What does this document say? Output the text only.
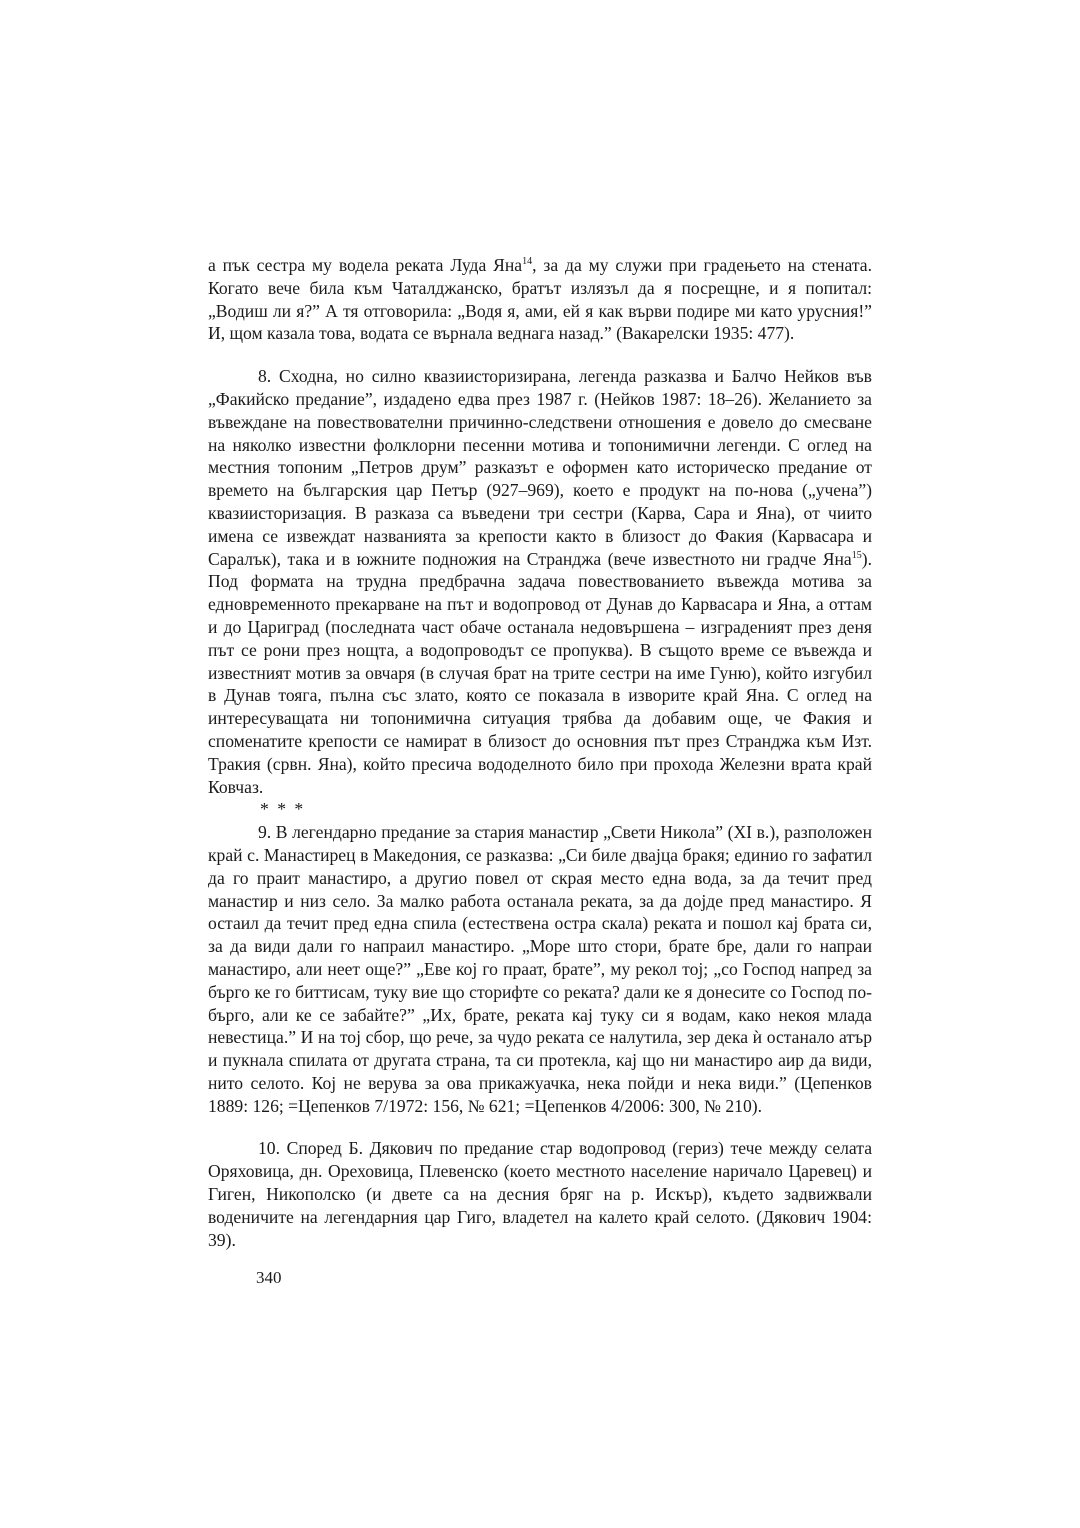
а пък сестра му водела реката Луда Яна$^{14}$, за да му служи при градењето на стената. Когато вече била към Чаталджанско, братът излязъл да я посрещне, и я попитал: „Водиш ли я?” А тя отговорила: „Водя я, ами, ей я как върви подире ми като урусния!” И, щом казала това, водата се върнала веднага назад.” (Вакарелски 1935: 477).

8. Сходна, но силно квазиисторизирана, легенда разказва и Балчо Нейков във „Факийско предание”, издадено едва през 1987 г. (Нейков 1987: 18–26). Желанието за въвеждане на повествователни причинно-следствени отношения е довело до смесване на няколко известни фолклорни песенни мотива и топонимични легенди. С оглед на местния топоним „Петров друм” разказът е оформен като историческо предание от времето на българския цар Петър (927–969), което е продукт на по-нова („учена”) квазиисторизация. В разказа са въведени три сестри (Карва, Сара и Яна), от чиито имена се извеждат названията за крепости както в близост до Факия (Карвасара и Саралък), така и в южните подножия на Странджа (вече известното ни градче Яна$^{15}$). Под формата на трудна предбрачна задача повествованието въвежда мотива за едновременното прекарване на път и водопровод от Дунав до Карвасара и Яна, а оттам и до Цариград (последната част обаче останала недовършена – изграденият през деня път се рони през нощта, а водопроводът се пропуква). В същото време се въвежда и известният мотив за овчаря (в случая брат на трите сестри на име Гуню), който изгубил в Дунав тояга, пълна със злато, която се показала в изворите край Яна. С оглед на интересуващата ни топонимична ситуация трябва да добавим още, че Факия и споменатите крепости се намират в близост до основния път през Странджа към Изт. Тракия (срвн. Яна), който пресича вододелното било при прохода Железни врата край Ковчаз.

* * *

9. В легендарно предание за стария манастир „Свети Никола” (XI в.), разположен край с. Манастирец в Македония, се разказва: „Си биле двајца бракя; единио го зафатил да го праит манастиро, а другио повел от скрая место една вода, за да течит пред манастир и низ село. За малко работа останала реката, за да дојде пред манастиро. Я остаил да течит пред една спила (естествена остра скала) реката и пошол кај брата си, за да види дали го напраил манастиро. „Море што стори, брате бре, дали го напраи манастиро, али неет още?” „Еве кој го праат, брате”, му рекол тој; „со Господ напред за бърго ке го биттисам, туку вие що сторифте со реката? дали ке я донесите со Господ по-бърго, али ке се забайте?” „Их, брате, реката кај туку си я водам, како некоя млада невестица.” И на тој сбор, що рече, за чудо реката се налутила, зер дека ѝ останало атър и пукнала спилата от другата страна, та си протекла, кај що ни манастиро аир да види, нито селото. Кој не верува за ова прикажуачка, нека пойди и нека види.” (Цепенков 1889: 126; =Цепенков 7/1972: 156, № 621; =Цепенков 4/2006: 300, № 210).

10. Според Б. Дякович по предание стар водопровод (гериз) тече между селата Оряховица, дн. Ореховица, Плевенско (което местното население наричало Царевец) и Гиген, Никополско (и двете са на десния бряг на р. Искър), където задвижвали воденичите на легендарния цар Гиго, владетел на калето край селото. (Дякович 1904: 39).

340
